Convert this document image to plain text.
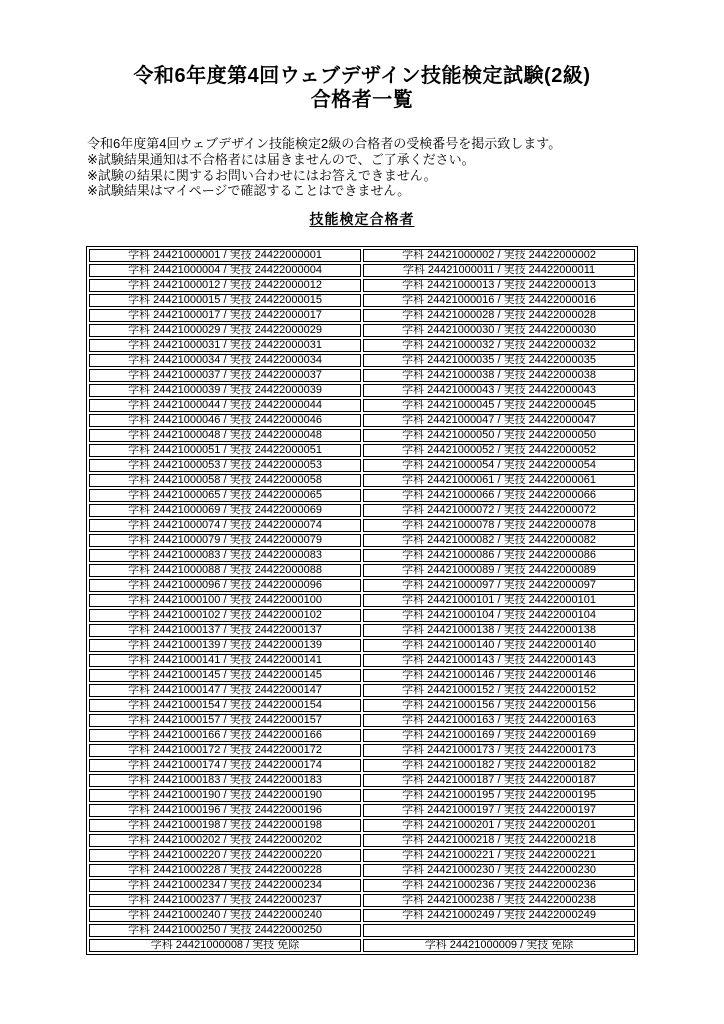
令和6年度第4回ウェブデザイン技能検定試験(2級)
合格者一覧
令和6年度第4回ウェブデザイン技能検定2級の合格者の受検番号を掲示致します。
※試験結果通知は不合格者には届きませんので、ご了承ください。
※試験の結果に関するお問い合わせにはお答えできません。
※試験結果はマイページで確認することはできません。
技能検定合格者
学科 24421000001 / 実技 24422000001	学科 24421000002 / 実技 24422000002
学科 24421000004 / 実技 24422000004	学科 24421000011 / 実技 24422000011
学科 24421000012 / 実技 24422000012	学科 24421000013 / 実技 24422000013
学科 24421000015 / 実技 24422000015	学科 24421000016 / 実技 24422000016
学科 24421000017 / 実技 24422000017	学科 24421000028 / 実技 24422000028
学科 24421000029 / 実技 24422000029	学科 24421000030 / 実技 24422000030
学科 24421000031 / 実技 24422000031	学科 24421000032 / 実技 24422000032
学科 24421000034 / 実技 24422000034	学科 24421000035 / 実技 24422000035
学科 24421000037 / 実技 24422000037	学科 24421000038 / 実技 24422000038
学科 24421000039 / 実技 24422000039	学科 24421000043 / 実技 24422000043
学科 24421000044 / 実技 24422000044	学科 24421000045 / 実技 24422000045
学科 24421000046 / 実技 24422000046	学科 24421000047 / 実技 24422000047
学科 24421000048 / 実技 24422000048	学科 24421000050 / 実技 24422000050
学科 24421000051 / 実技 24422000051	学科 24421000052 / 実技 24422000052
学科 24421000053 / 実技 24422000053	学科 24421000054 / 実技 24422000054
学科 24421000058 / 実技 24422000058	学科 24421000061 / 実技 24422000061
学科 24421000065 / 実技 24422000065	学科 24421000066 / 実技 24422000066
学科 24421000069 / 実技 24422000069	学科 24421000072 / 実技 24422000072
学科 24421000074 / 実技 24422000074	学科 24421000078 / 実技 24422000078
学科 24421000079 / 実技 24422000079	学科 24421000082 / 実技 24422000082
学科 24421000083 / 実技 24422000083	学科 24421000086 / 実技 24422000086
学科 24421000088 / 実技 24422000088	学科 24421000089 / 実技 24422000089
学科 24421000096 / 実技 24422000096	学科 24421000097 / 実技 24422000097
学科 24421000100 / 実技 24422000100	学科 24421000101 / 実技 24422000101
学科 24421000102 / 実技 24422000102	学科 24421000104 / 実技 24422000104
学科 24421000137 / 実技 24422000137	学科 24421000138 / 実技 24422000138
学科 24421000139 / 実技 24422000139	学科 24421000140 / 実技 24422000140
学科 24421000141 / 実技 24422000141	学科 24421000143 / 実技 24422000143
学科 24421000145 / 実技 24422000145	学科 24421000146 / 実技 24422000146
学科 24421000147 / 実技 24422000147	学科 24421000152 / 実技 24422000152
学科 24421000154 / 実技 24422000154	学科 24421000156 / 実技 24422000156
学科 24421000157 / 実技 24422000157	学科 24421000163 / 実技 24422000163
学科 24421000166 / 実技 24422000166	学科 24421000169 / 実技 24422000169
学科 24421000172 / 実技 24422000172	学科 24421000173 / 実技 24422000173
学科 24421000174 / 実技 24422000174	学科 24421000182 / 実技 24422000182
学科 24421000183 / 実技 24422000183	学科 24421000187 / 実技 24422000187
学科 24421000190 / 実技 24422000190	学科 24421000195 / 実技 24422000195
学科 24421000196 / 実技 24422000196	学科 24421000197 / 実技 24422000197
学科 24421000198 / 実技 24422000198	学科 24421000201 / 実技 24422000201
学科 24421000202 / 実技 24422000202	学科 24421000218 / 実技 24422000218
学科 24421000220 / 実技 24422000220	学科 24421000221 / 実技 24422000221
学科 24421000228 / 実技 24422000228	学科 24421000230 / 実技 24422000230
学科 24421000234 / 実技 24422000234	学科 24421000236 / 実技 24422000236
学科 24421000237 / 実技 24422000237	学科 24421000238 / 実技 24422000238
学科 24421000240 / 実技 24422000240	学科 24421000249 / 実技 24422000249
学科 24421000250 / 実技 24422000250	
学科 24421000008 / 実技 免除	学科 24421000009 / 実技 免除
